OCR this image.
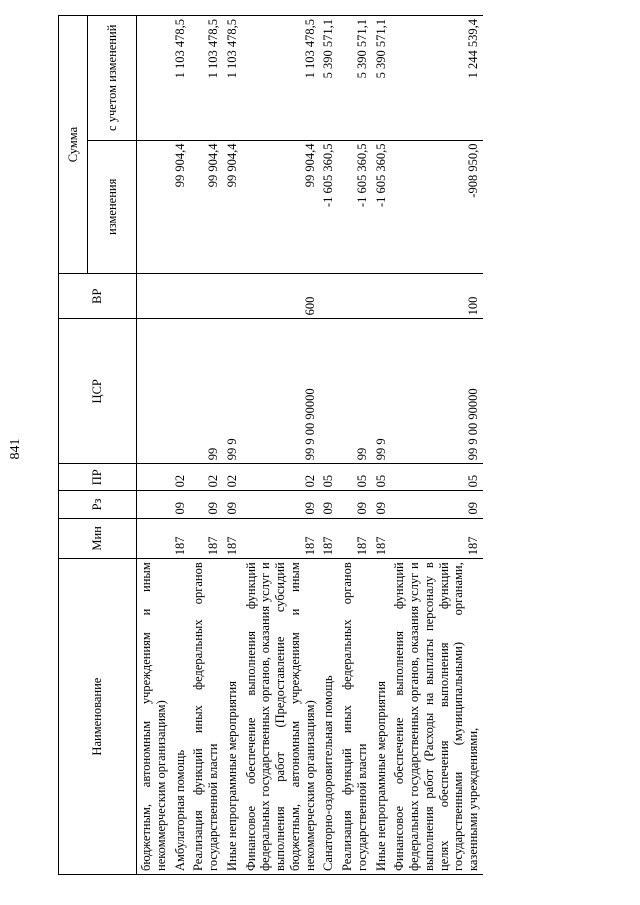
841
Наименование	Мин	Рз	ПР	ЦСР	ВР	Сумма	
						изменения	с учетом изменений
бюджетным, автономным учреждениям и иным некоммерческим организациям)							
Амбулаторная помощь	187	09	02			99 904,4	1 103 478,5
Реализация функций иных федеральных органов государственной власти	187	09	02	99		99 904,4	1 103 478,5
Иные непрограммные мероприятия	187	09	02	99 9		99 904,4	1 103 478,5
Финансовое обеспечение выполнения функций федеральных государственных органов, оказания услуг и выполнения работ (Предоставление субсидий бюджетным, автономным учреждениям и иным некоммерческим организациям)	187	09	02	99 9 00 90000	600	99 904,4	1 103 478,5
Санаторно-оздоровительная помощь	187	09	05			-1 605 360,5	5 390 571,1
Реализация функций иных федеральных органов государственной власти	187	09	05	99		-1 605 360,5	5 390 571,1
Иные непрограммные мероприятия	187	09	05	99 9		-1 605 360,5	5 390 571,1
Финансовое обеспечение выполнения функций федеральных государственных органов, оказания услуг и выполнения работ (Расходы на выплаты персоналу в целях обеспечения выполнения функций государственными (муниципальными) органами, казенными учреждениями,	187	09	05	99 9 00 90000	100	-908 950,0	1 244 539,4
